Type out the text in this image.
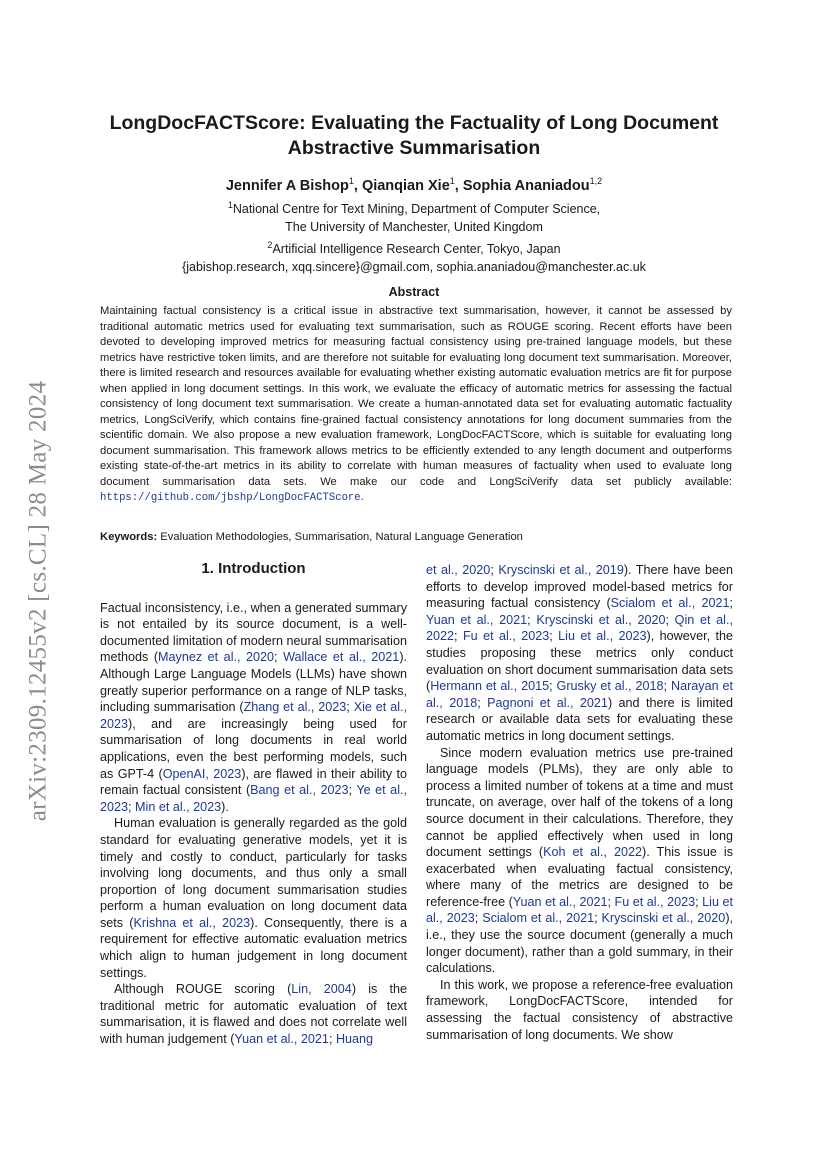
arXiv:2309.12455v2 [cs.CL] 28 May 2024
LongDocFACTScore: Evaluating the Factuality of Long Document
Abstractive Summarisation
Jennifer A Bishop$^1$, Qianqian Xie$^1$, Sophia Ananiadou$^{1,2}$
$^1$National Centre for Text Mining, Department of Computer Science,
The University of Manchester, United Kingdom
$^2$Artificial Intelligence Research Center, Tokyo, Japan
{jabishop.research, xqq.sincere}@gmail.com, sophia.ananiadou@manchester.ac.uk
Abstract
Maintaining factual consistency is a critical issue in abstractive text summarisation, however, it cannot be assessed by traditional automatic metrics used for evaluating text summarisation, such as ROUGE scoring. Recent efforts have been devoted to developing improved metrics for measuring factual consistency using pre-trained language models, but these metrics have restrictive token limits, and are therefore not suitable for evaluating long document text summarisation. Moreover, there is limited research and resources available for evaluating whether existing automatic evaluation metrics are fit for purpose when applied in long document settings. In this work, we evaluate the efficacy of automatic metrics for assessing the factual consistency of long document text summarisation. We create a human-annotated data set for evaluating automatic factuality metrics, LongSciVerify, which contains fine-grained factual consistency annotations for long document summaries from the scientific domain. We also propose a new evaluation framework, LongDocFACTScore, which is suitable for evaluating long document summarisation. This framework allows metrics to be efficiently extended to any length document and outperforms existing state-of-the-art metrics in its ability to correlate with human measures of factuality when used to evaluate long document summarisation data sets. We make our code and LongSciVerify data set publicly available: https://github.com/jbshp/LongDocFACTScore.
Keywords: Evaluation Methodologies, Summarisation, Natural Language Generation
1. Introduction

Factual inconsistency, i.e., when a generated summary is not entailed by its source document, is a well-documented limitation of modern neural summarisation methods (Maynez et al., 2020; Wallace et al., 2021). Although Large Language Models (LLMs) have shown greatly superior performance on a range of NLP tasks, including summarisation (Zhang et al., 2023; Xie et al., 2023), and are increasingly being used for summarisation of long documents in real world applications, even the best performing models, such as GPT-4 (OpenAI, 2023), are flawed in their ability to remain factual consistent (Bang et al., 2023; Ye et al., 2023; Min et al., 2023).

Human evaluation is generally regarded as the gold standard for evaluating generative models, yet it is timely and costly to conduct, particularly for tasks involving long documents, and thus only a small proportion of long document summarisation studies perform a human evaluation on long document data sets (Krishna et al., 2023). Consequently, there is a requirement for effective automatic evaluation metrics which align to human judgement in long document settings.

Although ROUGE scoring (Lin, 2004) is the traditional metric for automatic evaluation of text summarisation, it is flawed and does not correlate well with human judgement (Yuan et al., 2021; Huang

et al., 2020; Kryscinski et al., 2019). There have been efforts to develop improved model-based metrics for measuring factual consistency (Scialom et al., 2021; Yuan et al., 2021; Kryscinski et al., 2020; Qin et al., 2022; Fu et al., 2023; Liu et al., 2023), however, the studies proposing these metrics only conduct evaluation on short document summarisation data sets (Hermann et al., 2015; Grusky et al., 2018; Narayan et al., 2018; Pagnoni et al., 2021) and there is limited research or available data sets for evaluating these automatic metrics in long document settings.

Since modern evaluation metrics use pre-trained language models (PLMs), they are only able to process a limited number of tokens at a time and must truncate, on average, over half of the tokens of a long source document in their calculations. Therefore, they cannot be applied effectively when used in long document settings (Koh et al., 2022). This issue is exacerbated when evaluating factual consistency, where many of the metrics are designed to be reference-free (Yuan et al., 2021; Fu et al., 2023; Liu et al., 2023; Scialom et al., 2021; Kryscinski et al., 2020), i.e., they use the source document (generally a much longer document), rather than a gold summary, in their calculations.

In this work, we propose a reference-free evaluation framework, LongDocFACTScore, intended for assessing the factual consistency of abstractive summarisation of long documents. We show
